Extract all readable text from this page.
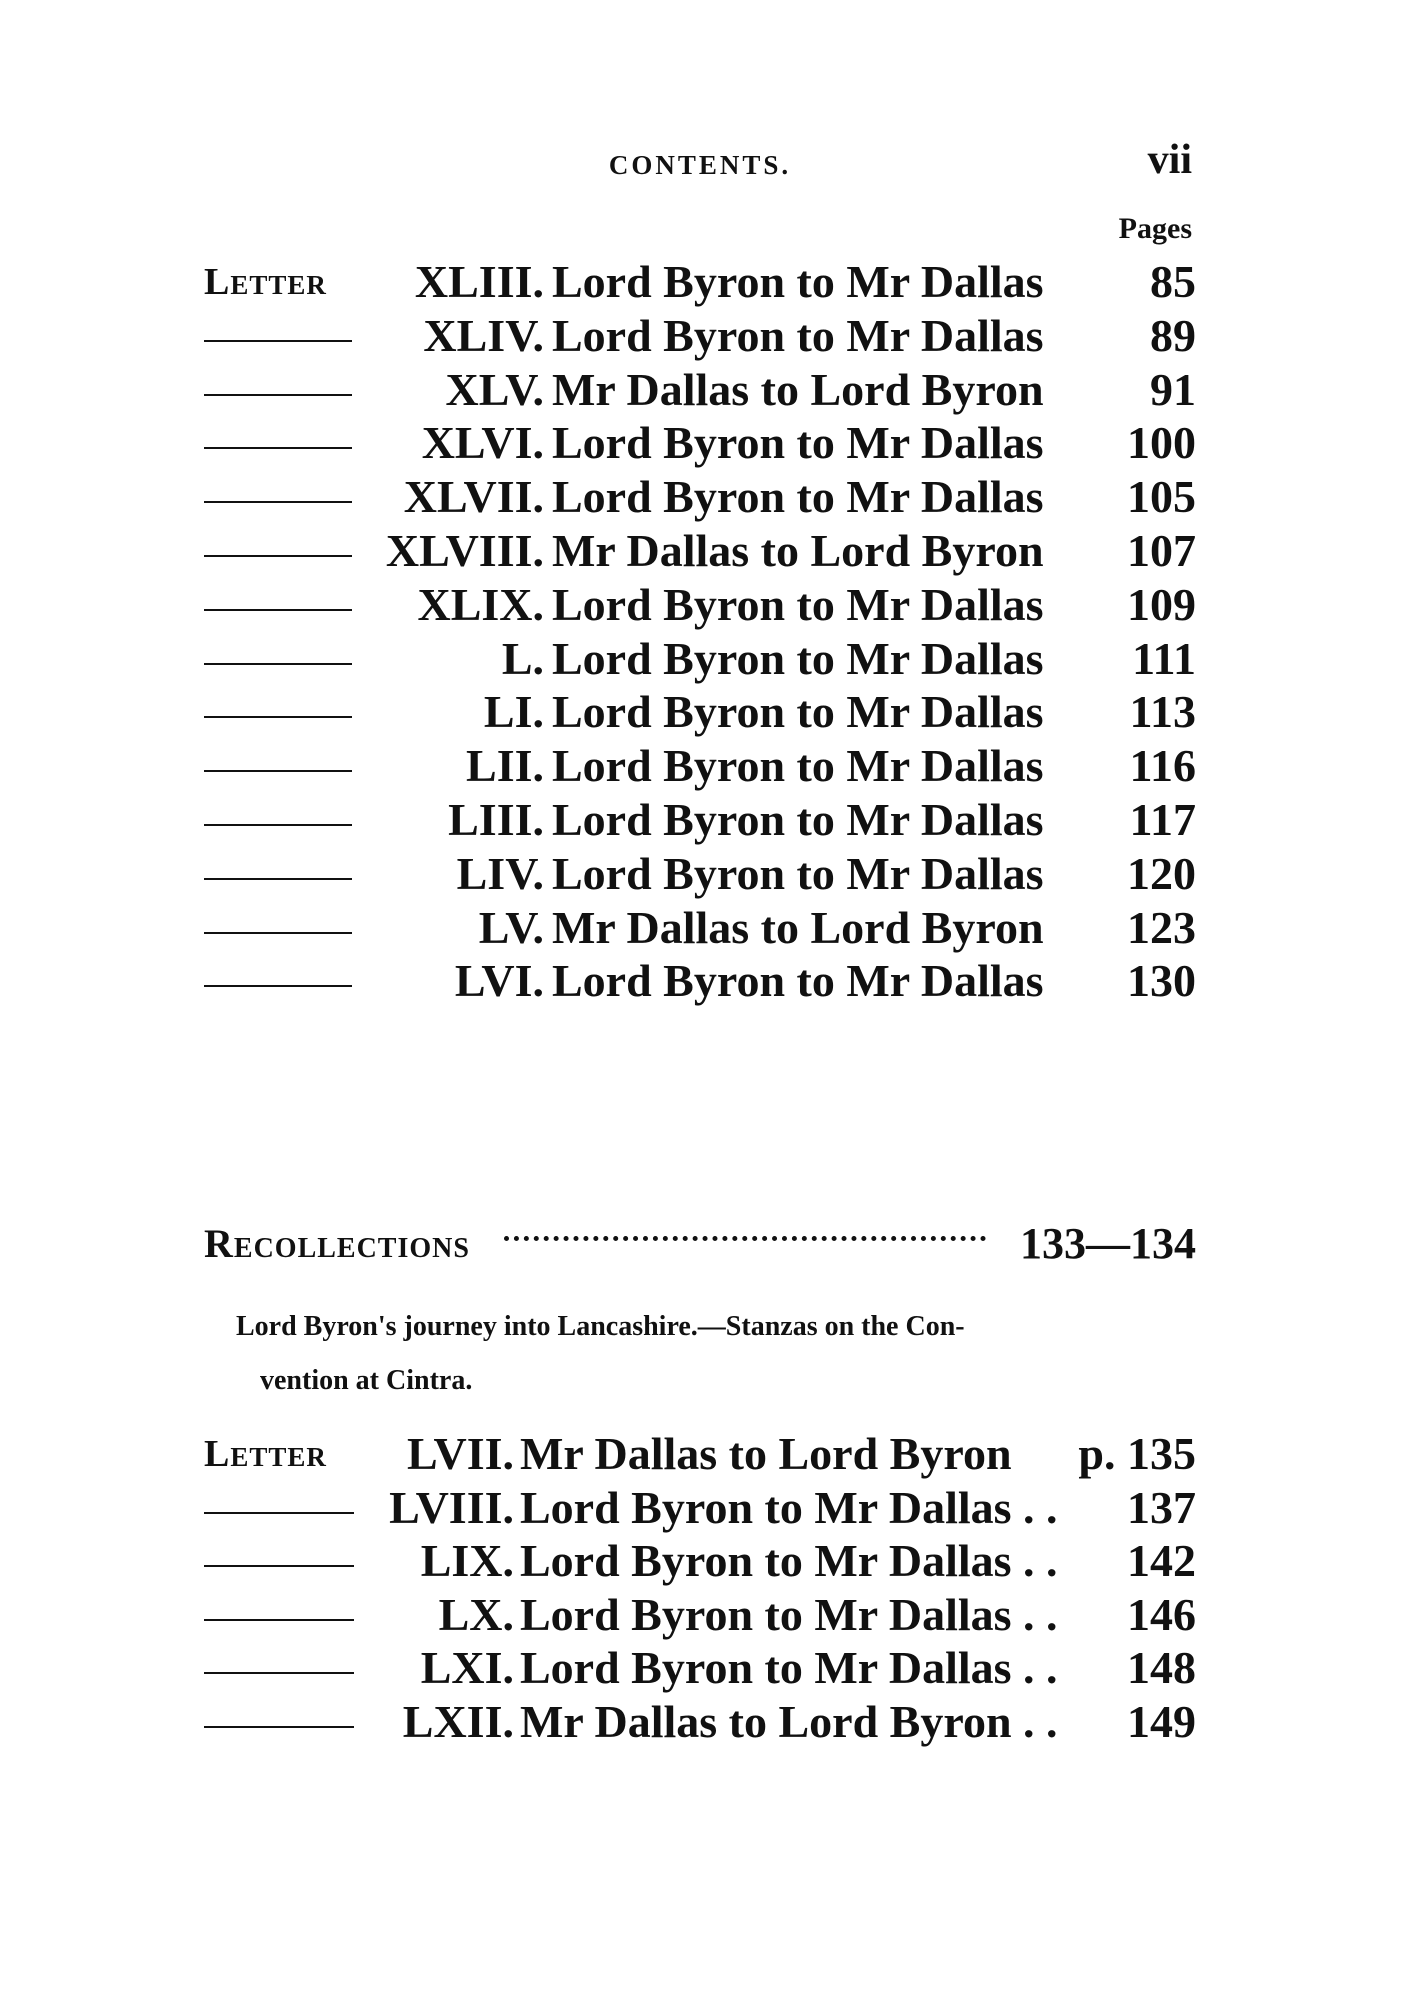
CONTENTS.	vii
Pages
Letter	XLIII. Lord Byron to Mr Dallas 85
XLIV. Lord Byron to Mr Dallas 89
XLV. Mr Dallas to Lord Byron 91
XLVI. Lord Byron to Mr Dallas 100
XLVII. Lord Byron to Mr Dallas 105
XLVIII. Mr Dallas to Lord Byron 107
XLIX. Lord Byron to Mr Dallas 109
L. Lord Byron to Mr Dallas 111
LI. Lord Byron to Mr Dallas 113
LII. Lord Byron to Mr Dallas 116
LIII. Lord Byron to Mr Dallas 117
LIV. Lord Byron to Mr Dallas 120
LV. Mr Dallas to Lord Byron 123
LVI. Lord Byron to Mr Dallas 130
Recollections	133—134
Lord Byron's journey into Lancashire.—Stanzas on the Con-
vention at Cintra.
Letter	LVII. Mr Dallas to Lord Byron p. 135
LVIII. Lord Byron to Mr Dallas . . 137
LIX. Lord Byron to Mr Dallas . . 142
LX. Lord Byron to Mr Dallas . . 146
LXI. Lord Byron to Mr Dallas . . 148
LXII. Mr Dallas to Lord Byron . . 149
